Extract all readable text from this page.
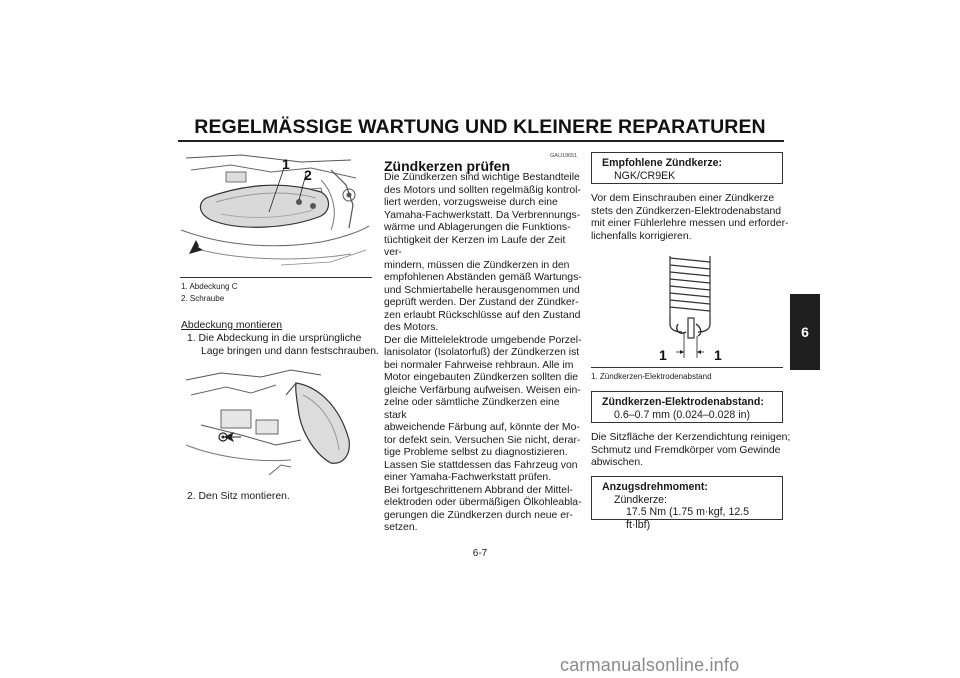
REGELMÄSSIGE WARTUNG UND KLEINERE REPARATUREN
6
1
2
1. Abdeckung C
2. Schraube
Abdeckung montieren
1. Die Abdeckung in die ursprüngliche
Lage bringen und dann festschrauben.
2. Den Sitz montieren.
GAU19651
Zündkerzen prüfen
Die Zündkerzen sind wichtige Bestandteile
des Motors und sollten regelmäßig kontrol-
liert werden, vorzugsweise durch eine
Yamaha-Fachwerkstatt. Da Verbrennungs-
wärme und Ablagerungen die Funktions-
tüchtigkeit der Kerzen im Laufe der Zeit ver-
mindern, müssen die Zündkerzen in den
empfohlenen Abständen gemäß Wartungs-
und Schmiertabelle herausgenommen und
geprüft werden. Der Zustand der Zündker-
zen erlaubt Rückschlüsse auf den Zustand
des Motors.
Der die Mittelelektrode umgebende Porzel-
lanisolator (Isolatorfuß) der Zündkerzen ist
bei normaler Fahrweise rehbraun. Alle im
Motor eingebauten Zündkerzen sollten die
gleiche Verfärbung aufweisen. Weisen ein-
zelne oder sämtliche Zündkerzen eine stark
abweichende Färbung auf, könnte der Mo-
tor defekt sein. Versuchen Sie nicht, derar-
tige Probleme selbst zu diagnostizieren.
Lassen Sie stattdessen das Fahrzeug von
einer Yamaha-Fachwerkstatt prüfen.
Bei fortgeschrittenem Abbrand der Mittel-
elektroden oder übermäßigen Ölkohleabla-
gerungen die Zündkerzen durch neue er-
setzen.
Empfohlene Zündkerze:
NGK/CR9EK
Vor dem Einschrauben einer Zündkerze
stets den Zündkerzen-Elektrodenabstand
mit einer Fühlerlehre messen und erforder-
lichenfalls korrigieren.
1	1
1. Zündkerzen-Elektrodenabstand
Zündkerzen-Elektrodenabstand:
0.6–0.7 mm (0.024–0.028 in)
Die Sitzfläche der Kerzendichtung reinigen;
Schmutz und Fremdkörper vom Gewinde
abwischen.
Anzugsdrehmoment:
Zündkerze:
17.5 Nm (1.75 m·kgf, 12.5 ft·lbf)
6-7
carmanualsonline.info
